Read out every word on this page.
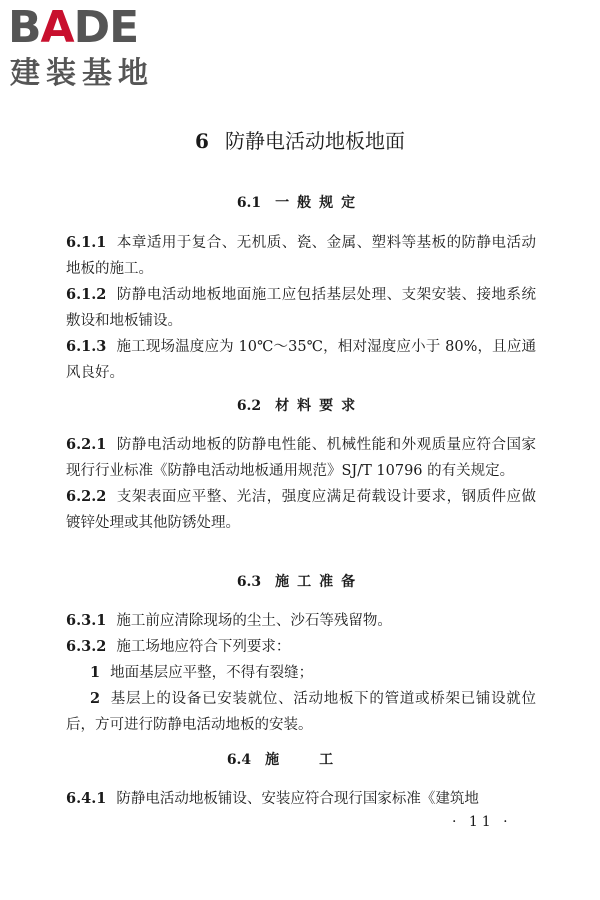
BADE
建装基地
6 防静电活动地板地面
6.1 一般规定

6.1.1 本章适用于复合、无机质、瓷、金属、塑料等基板的防静电活动地板的施工。

6.1.2 防静电活动地板地面施工应包括基层处理、支架安装、接地系统敷设和地板铺设。

6.1.3 施工现场温度应为 10℃～35℃，相对湿度应小于 80%，且应通风良好。

6.2 材料要求

6.2.1 防静电活动地板的防静电性能、机械性能和外观质量应符合国家现行行业标准《防静电活动地板通用规范》SJ/T 10796 的有关规定。

6.2.2 支架表面应平整、光洁，强度应满足荷载设计要求，钢质件应做镀锌处理或其他防锈处理。

6.3 施工准备

6.3.1 施工前应清除现场的尘土、沙石等残留物。

6.3.2 施工场地应符合下列要求：

1 地面基层应平整，不得有裂缝；

2 基层上的设备已安装就位、活动地板下的管道或桥架已铺设就位后，方可进行防静电活动地板的安装。

6.4 施工

6.4.1 防静电活动地板铺设、安装应符合现行国家标准《建筑地

· 11 ·
